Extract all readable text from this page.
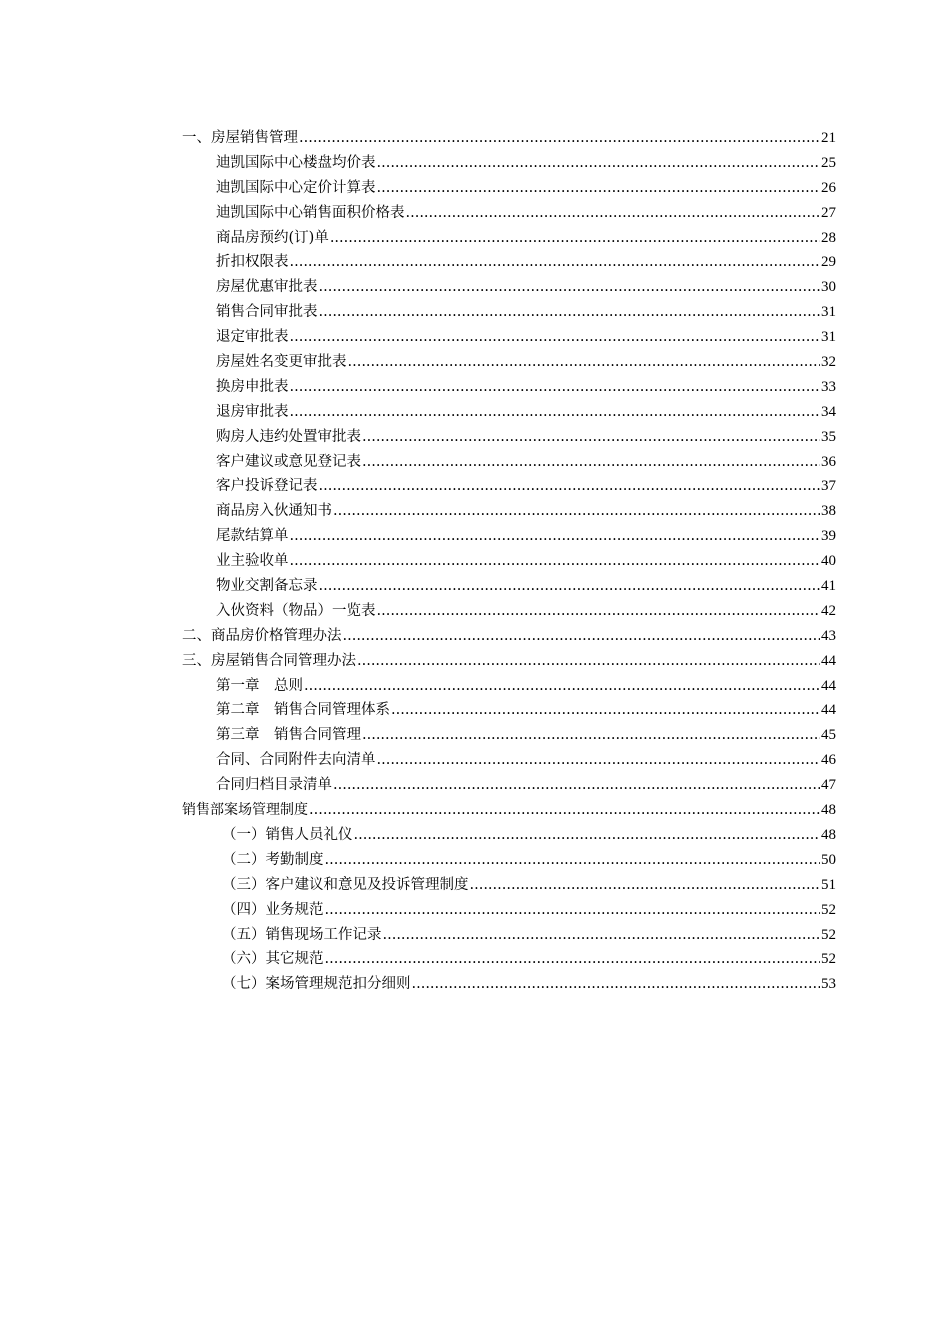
一、房屋销售管理 .....	21
迪凯国际中心楼盘均价表 .....	25
迪凯国际中心定价计算表 .....	26
迪凯国际中心销售面积价格表 .....	27
商品房预约(订)单 .....	28
折扣权限表 .....	29
房屋优惠审批表 .....	30
销售合同审批表 .....	31
退定审批表 .....	31
房屋姓名变更审批表 .....	32
换房申批表 .....	33
退房审批表 .....	34
购房人违约处置审批表 .....	35
客户建议或意见登记表 .....	36
客户投诉登记表 .....	37
商品房入伙通知书 .....	38
尾款结算单 .....	39
业主验收单 .....	40
物业交割备忘录 .....	41
入伙资料（物品）一览表 .....	42
二、商品房价格管理办法 .....	43
三、房屋销售合同管理办法 .....	44
第一章　总则 .....	44
第二章　销售合同管理体系 .....	44
第三章　销售合同管理 .....	45
合同、合同附件去向清单 .....	46
合同归档目录清单 .....	47
销售部案场管理制度 .....	48
（一）销售人员礼仪 .....	48
（二）考勤制度 .....	50
（三）客户建议和意见及投诉管理制度 .....	51
（四）业务规范 .....	52
（五）销售现场工作记录 .....	52
（六）其它规范 .....	52
（七）案场管理规范扣分细则 .....	53
